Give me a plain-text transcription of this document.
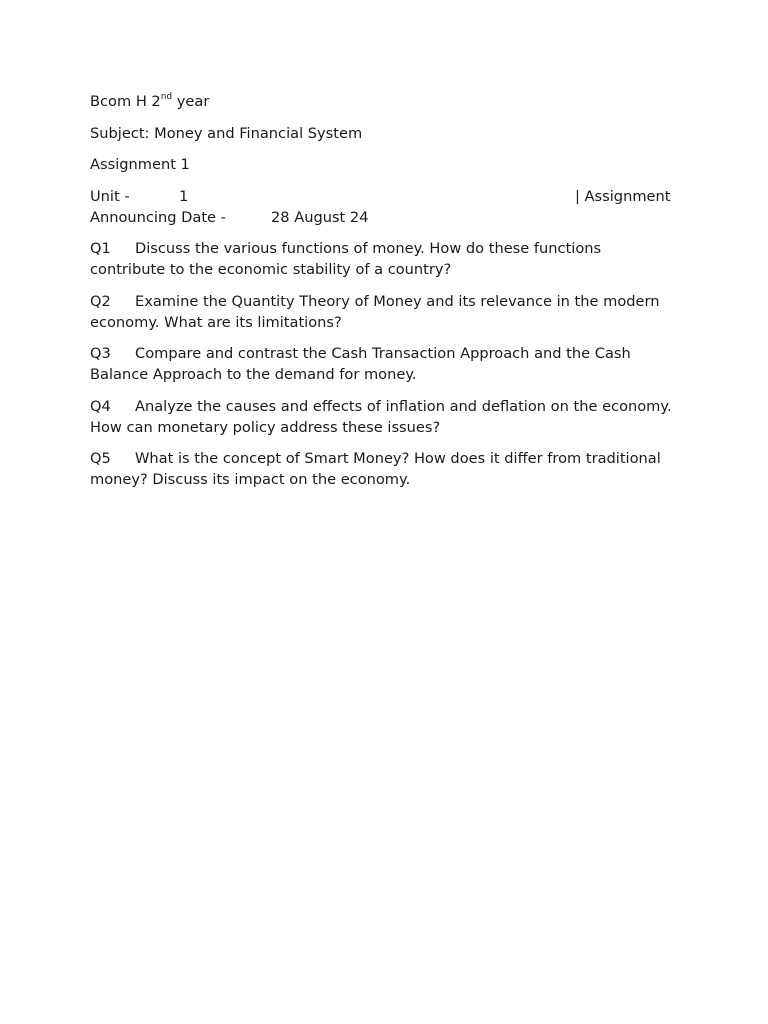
Bcom H 2nd year
Subject: Money and Financial System
Assignment 1
Unit -	1	| Assignment
Announcing Date -	28 August 24
Q1 Discuss the various functions of money. How do these functions contribute to the economic stability of a country?
Q2 Examine the Quantity Theory of Money and its relevance in the modern economy. What are its limitations?
Q3 Compare and contrast the Cash Transaction Approach and the Cash Balance Approach to the demand for money.
Q4 Analyze the causes and effects of inflation and deflation on the economy. How can monetary policy address these issues?
Q5 What is the concept of Smart Money? How does it differ from traditional money? Discuss its impact on the economy.
